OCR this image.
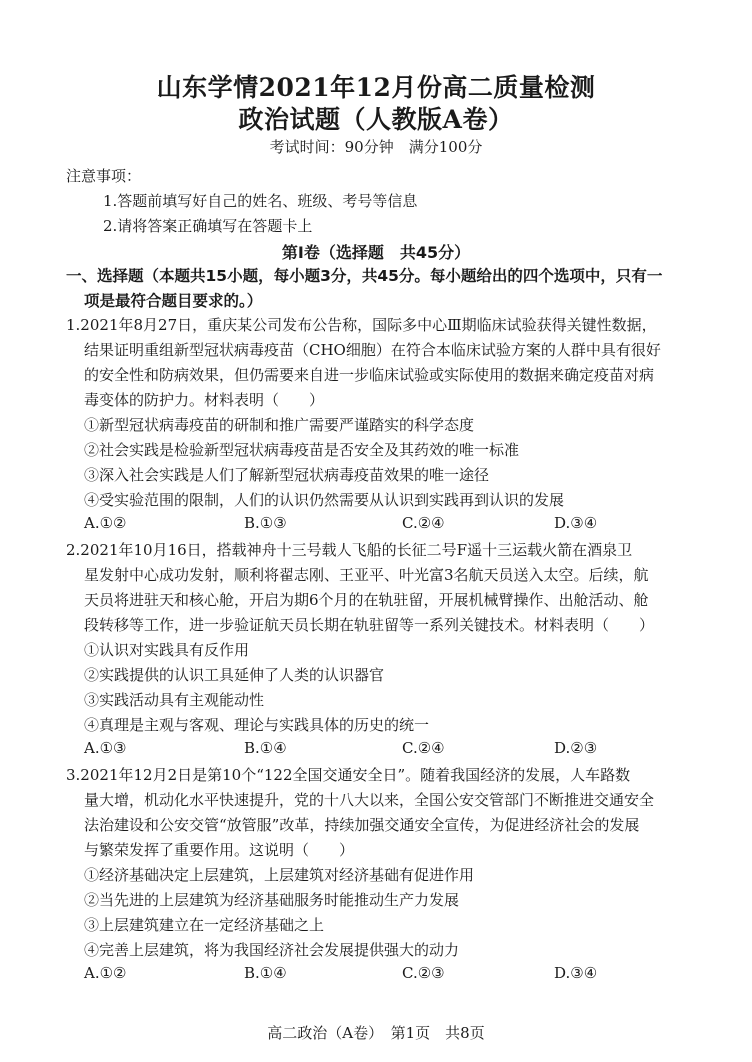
山东学情2021年12月份高二质量检测
政治试题（人教版A卷）
考试时间：90分钟　满分100分
注意事项：
1.答题前填写好自己的姓名、班级、考号等信息
2.请将答案正确填写在答题卡上
第Ⅰ卷（选择题　共45分）
一、选择题（本题共15小题，每小题3分，共45分。每小题给出的四个选项中，只有一
项是最符合题目要求的。）
1.2021年8月27日，重庆某公司发布公告称，国际多中心Ⅲ期临床试验获得关键性数据，
结果证明重组新型冠状病毒疫苗（CHO细胞）在符合本临床试验方案的人群中具有很好
的安全性和防病效果，但仍需要来自进一步临床试验或实际使用的数据来确定疫苗对病
毒变体的防护力。材料表明（　　）
①新型冠状病毒疫苗的研制和推广需要严谨踏实的科学态度
②社会实践是检验新型冠状病毒疫苗是否安全及其药效的唯一标准
③深入社会实践是人们了解新型冠状病毒疫苗效果的唯一途径
④受实验范围的限制，人们的认识仍然需要从认识到实践再到认识的发展
A.①②	B.①③	C.②④	D.③④
2.2021年10月16日，搭载神舟十三号载人飞船的长征二号F遥十三运载火箭在酒泉卫
星发射中心成功发射，顺利将翟志刚、王亚平、叶光富3名航天员送入太空。后续，航
天员将进驻天和核心舱，开启为期6个月的在轨驻留，开展机械臂操作、出舱活动、舱
段转移等工作，进一步验证航天员长期在轨驻留等一系列关键技术。材料表明（　　）
①认识对实践具有反作用
②实践提供的认识工具延伸了人类的认识器官
③实践活动具有主观能动性
④真理是主观与客观、理论与实践具体的历史的统一
A.①③	B.①④	C.②④	D.②③
3.2021年12月2日是第10个“122全国交通安全日”。随着我国经济的发展，人车路数
量大增，机动化水平快速提升，党的十八大以来，全国公安交管部门不断推进交通安全
法治建设和公安交管“放管服”改革，持续加强交通安全宣传，为促进经济社会的发展
与繁荣发挥了重要作用。这说明（　　）
①经济基础决定上层建筑，上层建筑对经济基础有促进作用
②当先进的上层建筑为经济基础服务时能推动生产力发展
③上层建筑建立在一定经济基础之上
④完善上层建筑，将为我国经济社会发展提供强大的动力
A.①②	B.①④	C.②③	D.③④
高二政治（A卷）　第1页　共8页
